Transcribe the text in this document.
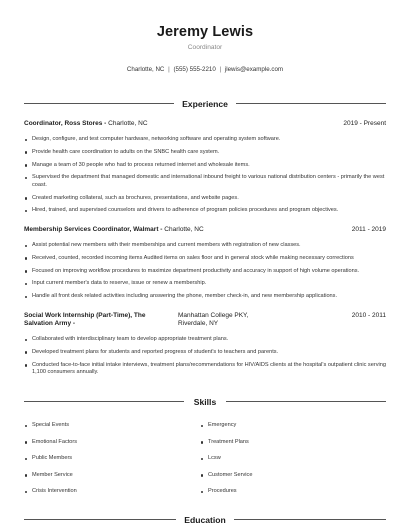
Jeremy Lewis
Coordinator
Charlotte, NC | (555) 555-2210 | jlewis@example.com
Experience
Coordinator, Ross Stores - Charlotte, NC	2019 - Present
Design, configure, and test computer hardware, networking software and operating system software.
Provide health care coordination to adults on the SNBC health care system.
Manage a team of 30 people who had to process returned internet and wholesale items.
Supervised the department that managed domestic and international inbound freight to various national distribution centers - primarily the west coast.
Created marketing collateral, such as brochures, presentations, and website pages.
Hired, trained, and supervised counselors and drivers to adherence of program policies procedures and program objectives.
Membership Services Coordinator, Walmart - Charlotte, NC	2011 - 2019
Assist potential new members with their memberships and current members with registration of new classes.
Received, counted, recorded incoming items Audited items on sales floor and in general stock while making necessary corrections
Focused on improving workflow procedures to maximize department productivity and accuracy in support of high volume operations.
Input current member's data to reserve, issue or renew a membership.
Handle all front desk related activities including answering the phone, member check-in, and new membership applications.
Social Work Internship (Part-Time), The
Salvation Army -
Manhattan College PKY,
Riverdale, NY
2010 - 2011
Collaborated with interdisciplinary team to develop appropriate treatment plans.
Developed treatment plans for students and reported progress of student's to teachers and parents.
Conducted face-to-face initial intake interviews, treatment plans/recommendations for HIV/AIDS clients at the hospital's outpatient clinic serving 1,100 consumers annually.
Skills
Special Events
Emotional Factors
Public Members
Member Service
Crisis Intervention
Emergency
Treatment Plans
Lcsw
Customer Service
Procedures
Education
